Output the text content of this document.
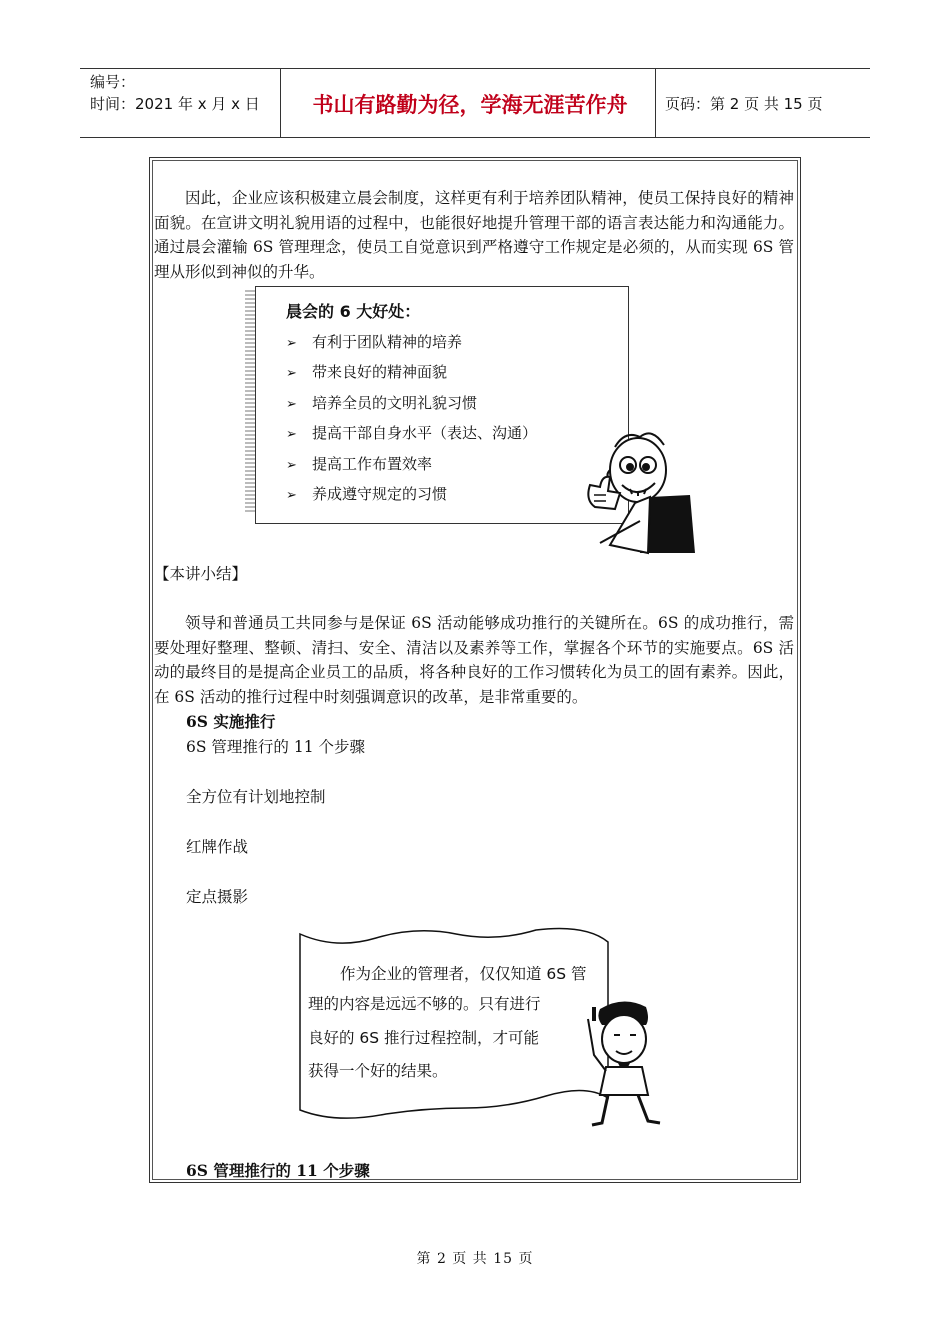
编号：
时间：2021 年 x 月 x 日	书山有路勤为径，学海无涯苦作舟	页码：第 2 页 共 15 页
因此，企业应该积极建立晨会制度，这样更有利于培养团队精神，使员工保持良好的精神面貌。在宣讲文明礼貌用语的过程中，也能很好地提升管理干部的语言表达能力和沟通能力。通过晨会灌输 6S 管理理念，使员工自觉意识到严格遵守工作规定是必须的，从而实现 6S 管理从形似到神似的升华。
晨会的 6 大好处：
➢ 有利于团队精神的培养
➢ 带来良好的精神面貌
➢ 培养全员的文明礼貌习惯
➢ 提高干部自身水平（表达、沟通）
➢ 提高工作布置效率
➢ 养成遵守规定的习惯
【本讲小结】
领导和普通员工共同参与是保证 6S 活动能够成功推行的关键所在。6S 的成功推行，需要处理好整理、整顿、清扫、安全、清洁以及素养等工作，掌握各个环节的实施要点。6S 活动的最终目的是提高企业员工的品质，将各种良好的工作习惯转化为员工的固有素养。因此，在 6S 活动的推行过程中时刻强调意识的改革，是非常重要的。
6S 实施推行
6S 管理推行的 11 个步骤
全方位有计划地控制
红牌作战
定点摄影
作为企业的管理者，仅仅知道 6S 管
理的内容是远远不够的。只有进行
良好的 6S 推行过程控制，才可能
获得一个好的结果。
6S 管理推行的 11 个步骤
第 2 页 共 15 页
